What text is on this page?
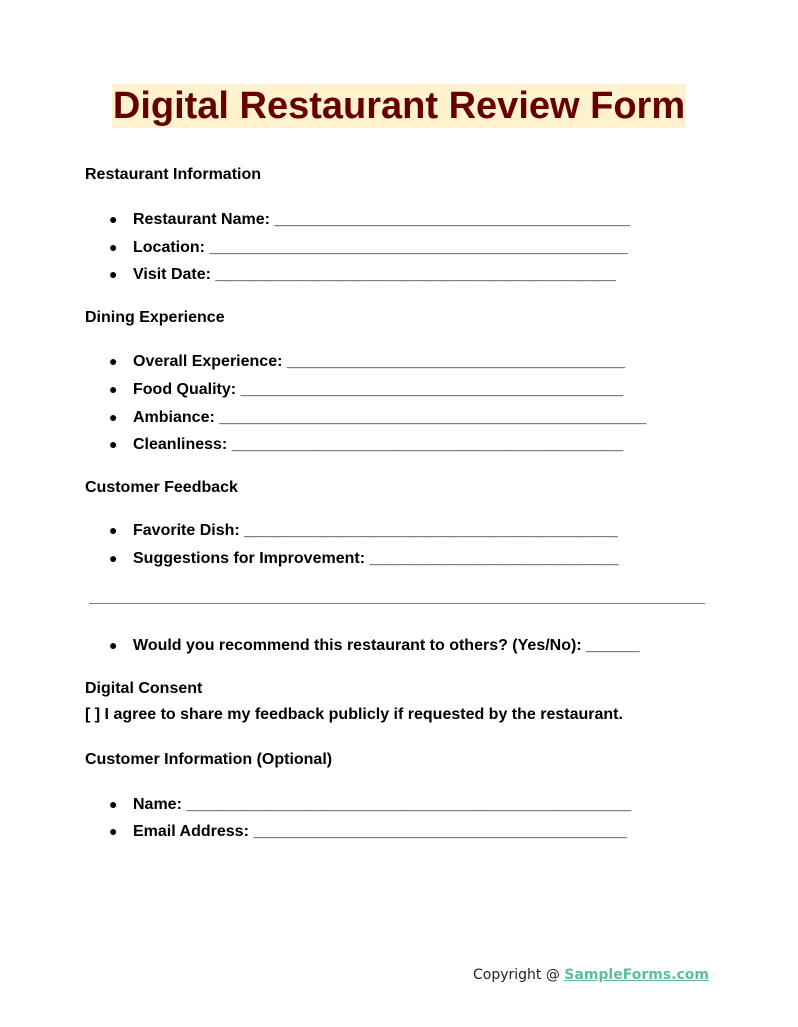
Digital Restaurant Review Form
Restaurant Information
● Restaurant Name: ________________________________________
● Location: _______________________________________________
● Visit Date: _____________________________________________
Dining Experience
● Overall Experience: ______________________________________
● Food Quality: ___________________________________________
● Ambiance: ________________________________________________
● Cleanliness: ____________________________________________
Customer Feedback
● Favorite Dish: __________________________________________
● Suggestions for Improvement: ____________________________
● Would you recommend this restaurant to others? (Yes/No): ______
Digital Consent
[ ] I agree to share my feedback publicly if requested by the restaurant.
Customer Information (Optional)
● Name: __________________________________________________
● Email Address: __________________________________________
Copyright @ SampleForms.com
